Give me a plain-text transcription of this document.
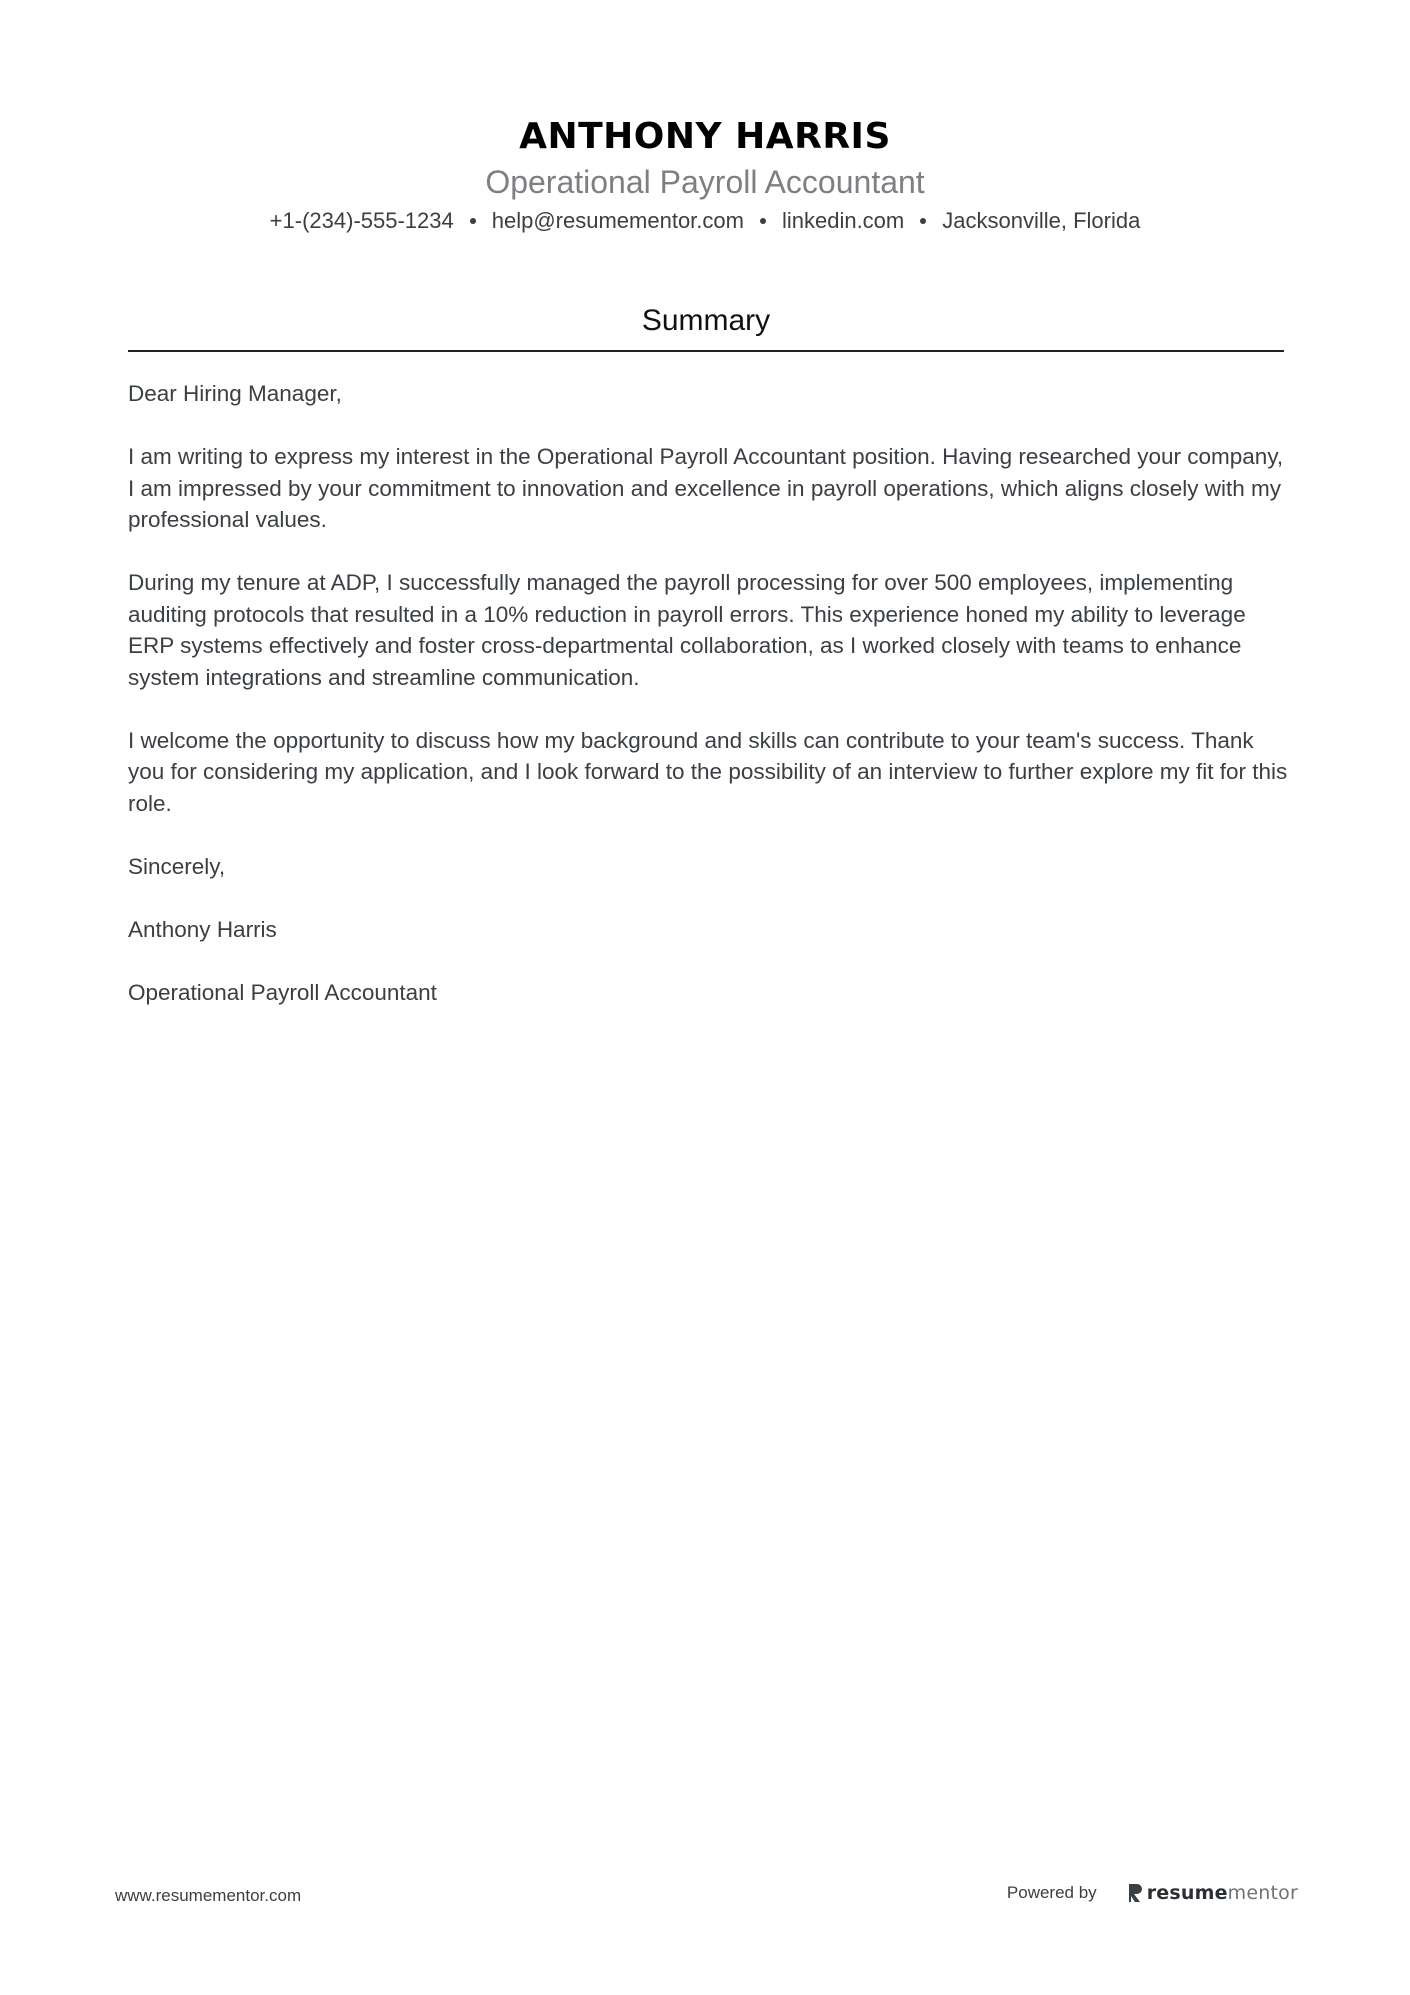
ANTHONY HARRIS
Operational Payroll Accountant
+1-(234)-555-1234 help@resumementor.com linkedin.com Jacksonville, Florida
Summary

Dear Hiring Manager,

I am writing to express my interest in the Operational Payroll Accountant position. Having researched your company, I am impressed by your commitment to innovation and excellence in payroll operations, which aligns closely with my professional values.

During my tenure at ADP, I successfully managed the payroll processing for over 500 employees, implementing auditing protocols that resulted in a 10% reduction in payroll errors. This experience honed my ability to leverage ERP systems effectively and foster cross-departmental collaboration, as I worked closely with teams to enhance system integrations and streamline communication.

I welcome the opportunity to discuss how my background and skills can contribute to your team's success. Thank you for considering my application, and I look forward to the possibility of an interview to further explore my fit for this role.

Sincerely,

Anthony Harris

Operational Payroll Accountant

www.resumementor.com	Powered by	resumementor
